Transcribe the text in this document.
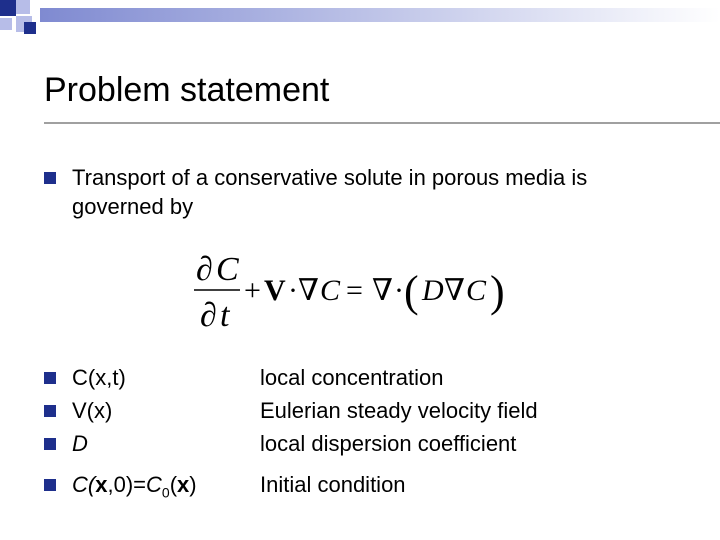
Problem statement
Transport of a conservative solute in porous media is
governed by
∂ C
∂ t
+ V · ∇ C = ∇ · ( D ∇ C )
C(x,t)	local concentration
V(x)	Eulerian steady velocity field
D	local dispersion coefficient
$C(x,0)=C_0(x)$	Initial condition
